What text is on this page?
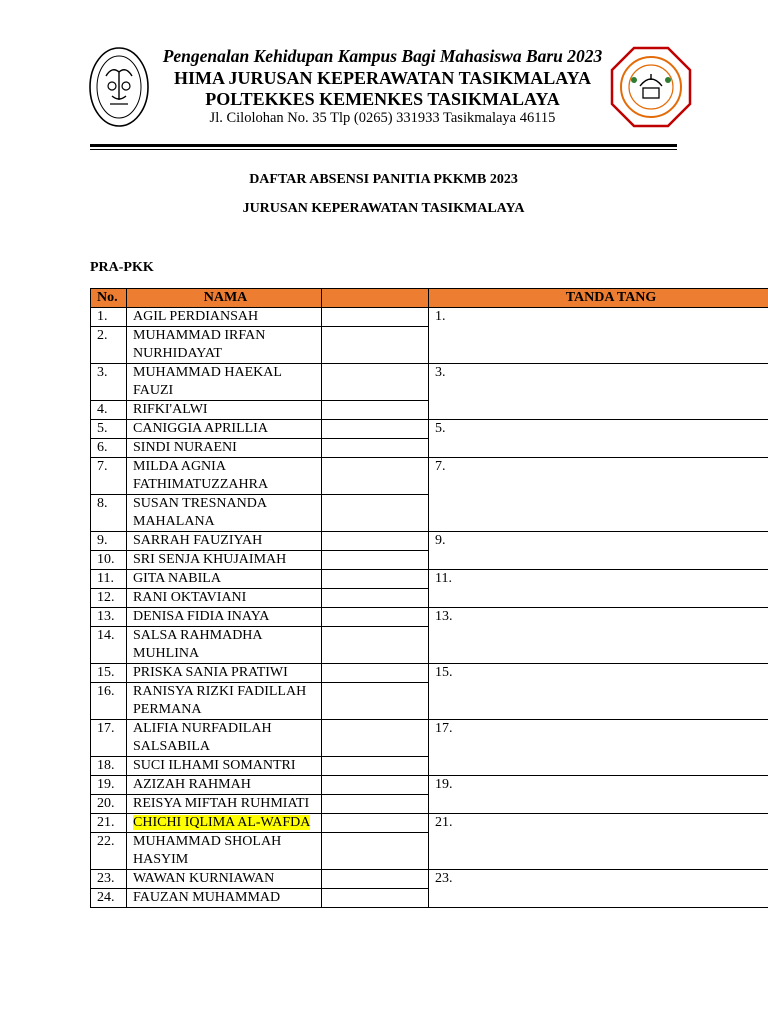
Pengenalan Kehidupan Kampus Bagi Mahasiswa Baru 2023
HIMA JURUSAN KEPERAWATAN TASIKMALAYA
POLTEKKES KEMENKES TASIKMALAYA
Jl. Cilolohan No. 35 Tlp (0265) 331933 Tasikmalaya 46115
DAFTAR ABSENSI PANITIA PKKMB 2023
JURUSAN KEPERAWATAN TASIKMALAYA
PRA-PKK
No.	NAMA		TANDA TANG
1.	AGIL PERDIANSAH		1.
2.	MUHAMMAD IRFAN NURHIDAYAT		
3.	MUHAMMAD HAEKAL FAUZI		3.
4.	RIFKI'ALWI		
5.	CANIGGIA APRILLIA		5.
6.	SINDI NURAENI		
7.	MILDA AGNIA FATHIMATUZZAHRA		7.
8.	SUSAN TRESNANDA MAHALANA		
9.	SARRAH FAUZIYAH		9.
10.	SRI SENJA KHUJAIMAH		
11.	GITA NABILA		11.
12.	RANI OKTAVIANI		
13.	DENISA FIDIA INAYA		13.
14.	SALSA RAHMADHA MUHLINA		
15.	PRISKA SANIA PRATIWI		15.
16.	RANISYA RIZKI FADILLAH PERMANA		
17.	ALIFIA NURFADILAH SALSABILA		17.
18.	SUCI ILHAMI SOMANTRI		
19.	AZIZAH RAHMAH		19.
20.	REISYA MIFTAH RUHMIATI		
21.	CHICHI IQLIMA AL-WAFDA		21.
22.	MUHAMMAD SHOLAH HASYIM		
23.	WAWAN KURNIAWAN		23.
24.	FAUZAN MUHAMMAD		
